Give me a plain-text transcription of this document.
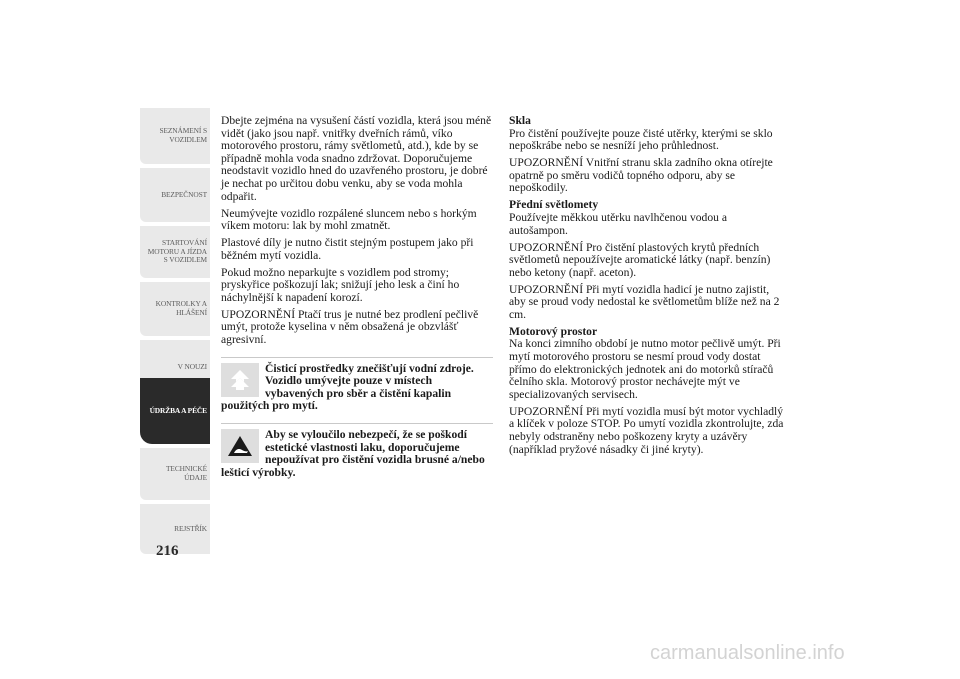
SEZNÁMENÍ S
VOZIDLEM
BEZPEČNOST
STARTOVÁNÍ
MOTORU A JÍZDA
S VOZIDLEM
KONTROLKY A
HLÁŠENÍ
V NOUZI
ÚDRŽBA A PÉČE
TECHNICKÉ
ÚDAJE
REJSTŘÍK
216

Dbejte zejména na vysušení částí vozidla, která jsou méně vidět (jako jsou např. vnitřky dveřních rámů, víko motorového prostoru, rámy světlometů, atd.), kde by se případně mohla voda snadno zdržovat. Doporučujeme neodstavit vozidlo hned do uzavřeného prostoru, je dobré je nechat po určitou dobu venku, aby se voda mohla odpařit.

Neumývejte vozidlo rozpálené sluncem nebo s horkým víkem motoru: lak by mohl zmatnět.

Plastové díly je nutno čistit stejným postupem jako při běžném mytí vozidla.

Pokud možno neparkujte s vozidlem pod stromy; pryskyřice poškozují lak; snižují jeho lesk a činí ho náchylnější k napadení korozí.

UPOZORNĚNÍ Ptačí trus je nutné bez prodlení pečlivě umýt, protože kyselina v něm obsažená je obzvlášť agresivní.

Čisticí prostředky znečišťují vodní zdroje. Vozidlo umývejte pouze v místech vybavených pro sběr a čistění kapalin použitých pro mytí.
Aby se vyloučilo nebezpečí, že se poškodí estetické vlastnosti laku, doporučujeme nepoužívat pro čistění vozidla brusné a/nebo lešticí výrobky.

Skla

Pro čistění používejte pouze čisté utěrky, kterými se sklo nepoškrábe nebo se nesníží jeho průhlednost.

UPOZORNĚNÍ Vnitřní stranu skla zadního okna otírejte opatrně po směru vodičů topného odporu, aby se nepoškodily.

Přední světlomety

Používejte měkkou utěrku navlhčenou vodou a autošampon.

UPOZORNĚNÍ Pro čistění plastových krytů předních světlometů nepoužívejte aromatické látky (např. benzín) nebo ketony (např. aceton).

UPOZORNĚNÍ Při mytí vozidla hadicí je nutno zajistit, aby se proud vody nedostal ke světlometům blíže než na 2 cm.

Motorový prostor

Na konci zimního období je nutno motor pečlivě umýt. Při mytí motorového prostoru se nesmí proud vody dostat přímo do elektronických jednotek ani do motorků stíračů čelního skla. Motorový prostor nechávejte mýt ve specializovaných servisech.

UPOZORNĚNÍ Při mytí vozidla musí být motor vychladlý a klíček v poloze STOP. Po umytí vozidla zkontrolujte, zda nebyly odstraněny nebo poškozeny kryty a uzávěry (například pryžové násadky či jiné kryty).

carmanualsonline.info
